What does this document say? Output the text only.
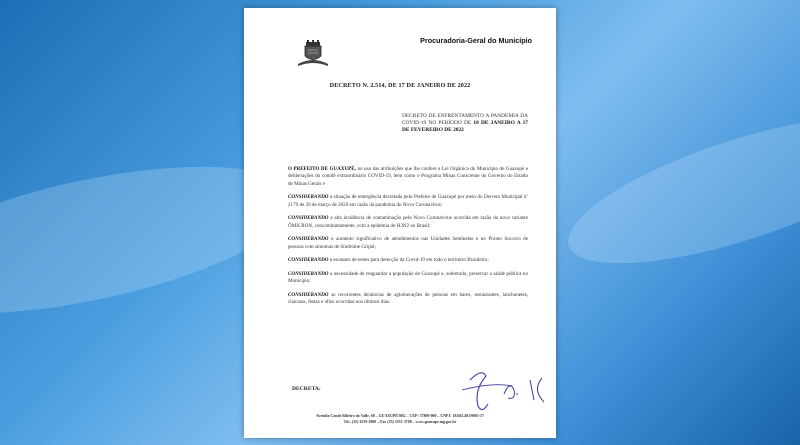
Procuradoria-Geral do Município
DECRETO N. 2.514, DE 17 DE JANEIRO DE 2022
DECRETO DE ENFRENTAMENTO A PANDEMIA DA COVID-19 NO PERÍODO DE 18 DE JANEIRO A 17 DE FEVEREIRO DE 2022

O PREFEITO DE GUAXUPÉ, no uso das atribuições que lhe confere a Lei Orgânica do Município de Guaxupé e deliberações do comitê extraordinário COVID-19, bem como o Programa Minas Consciente do Governo do Estado de Minas Gerais e

CONSIDERANDO a situação de emergência decretada pelo Prefeito de Guaxupé por meio do Decreto Municipal nº 2179 de 20 de março de 2020 em razão da pandemia do Novo Coronavírus;

CONSIDERANDO a alta incidência de contaminação pelo Novo Coronavírus ocorrida em razão da nova variante ÔMICRON, concomitantemente, com a epidemia de H3N2 no Brasil;

CONSIDERANDO o aumento significativo de atendimentos nas Unidades Sentinelas e no Pronto Socorro de pessoas com sintomas de Síndrome Gripal;

CONSIDERANDO a escassez de testes para detecção da Covid-19 em todo o território Brasileiro;

CONSIDERANDO a necessidade de resguardar a população de Guaxupé e, sobretudo, preservar a saúde pública no Município;

CONSIDERANDO as recorrentes denúncias de aglomerações de pessoas em bares, restaurantes, lanchonetes, chácaras, festas e afins ocorridas nos últimos dias.

DECRETA:
Avenida Conde Ribeiro do Valle, 68 – GUAXUPÉ/MG – CEP: 37800-000 – CNPJ: 18.663.401/0001-57
Tel.: (35) 3559-1000 – Fax (35) 3551-3700 – www.guaxupe.mg.gov.br
